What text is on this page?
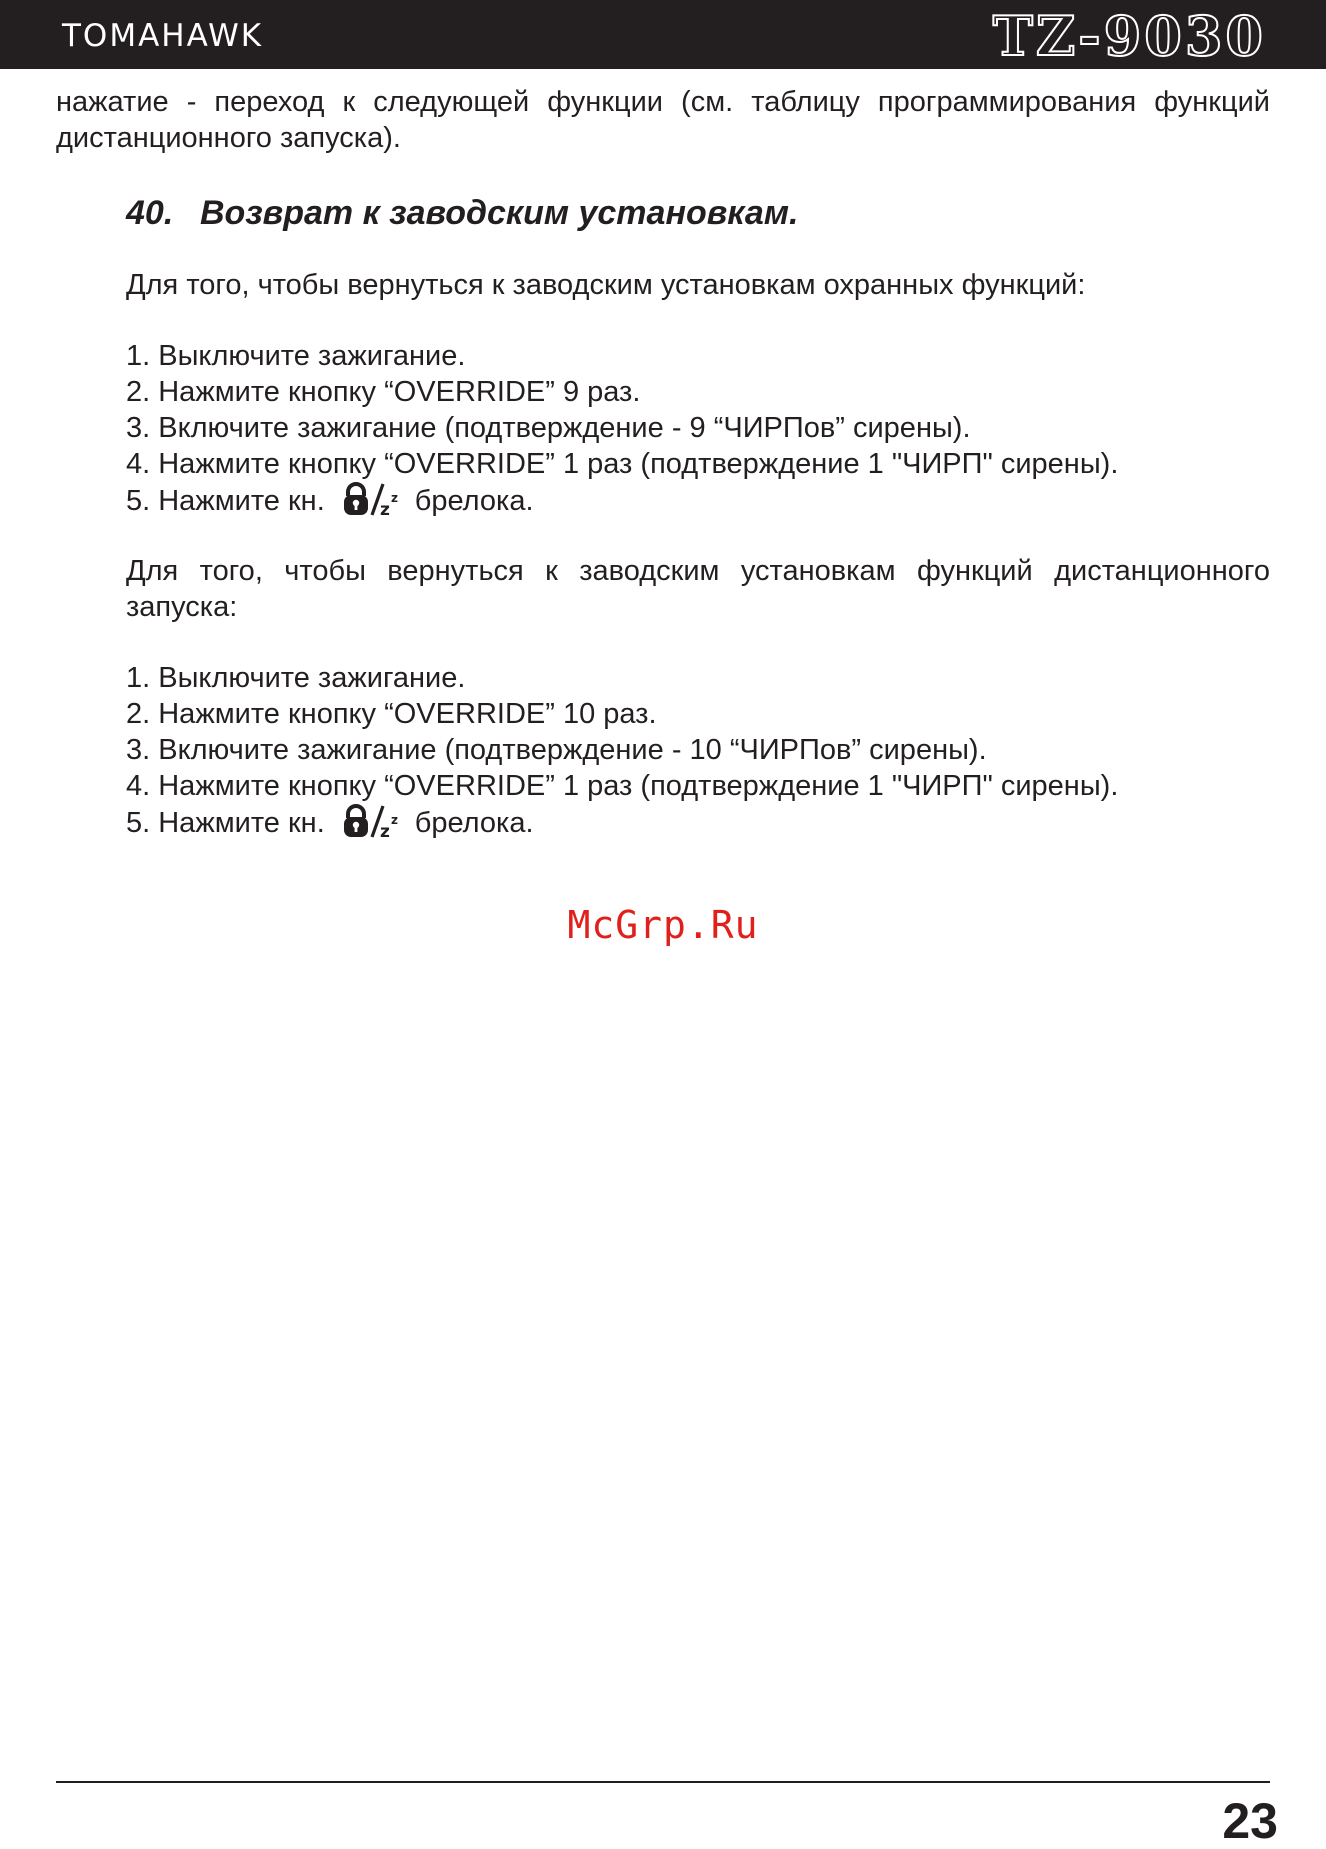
TOMAHAWK	TZ-9030
нажатие - переход к следующей функции (см. таблицу программирования функций
дистанционного запуска).
40. Возврат к заводским установкам.
Для того, чтобы вернуться к заводским установкам охранных функций:
1. Выключите зажигание.
2. Нажмите кнопку “OVERRIDE” 9 раз.
3. Включите зажигание (подтверждение - 9 “ЧИРПов” сирены).
4. Нажмите кнопку “OVERRIDE” 1 раз (подтверждение 1 "ЧИРП" сирены).
5. Нажмите кн.	z
z брелока.
Для того, чтобы вернуться к заводским установкам функций дистанционного
запуска:
1. Выключите зажигание.
2. Нажмите кнопку “OVERRIDE” 10 раз.
3. Включите зажигание (подтверждение - 10 “ЧИРПов” сирены).
4. Нажмите кнопку “OVERRIDE” 1 раз (подтверждение 1 "ЧИРП" сирены).
5. Нажмите кн.	z
z брелока.
McGrp.Ru
23
